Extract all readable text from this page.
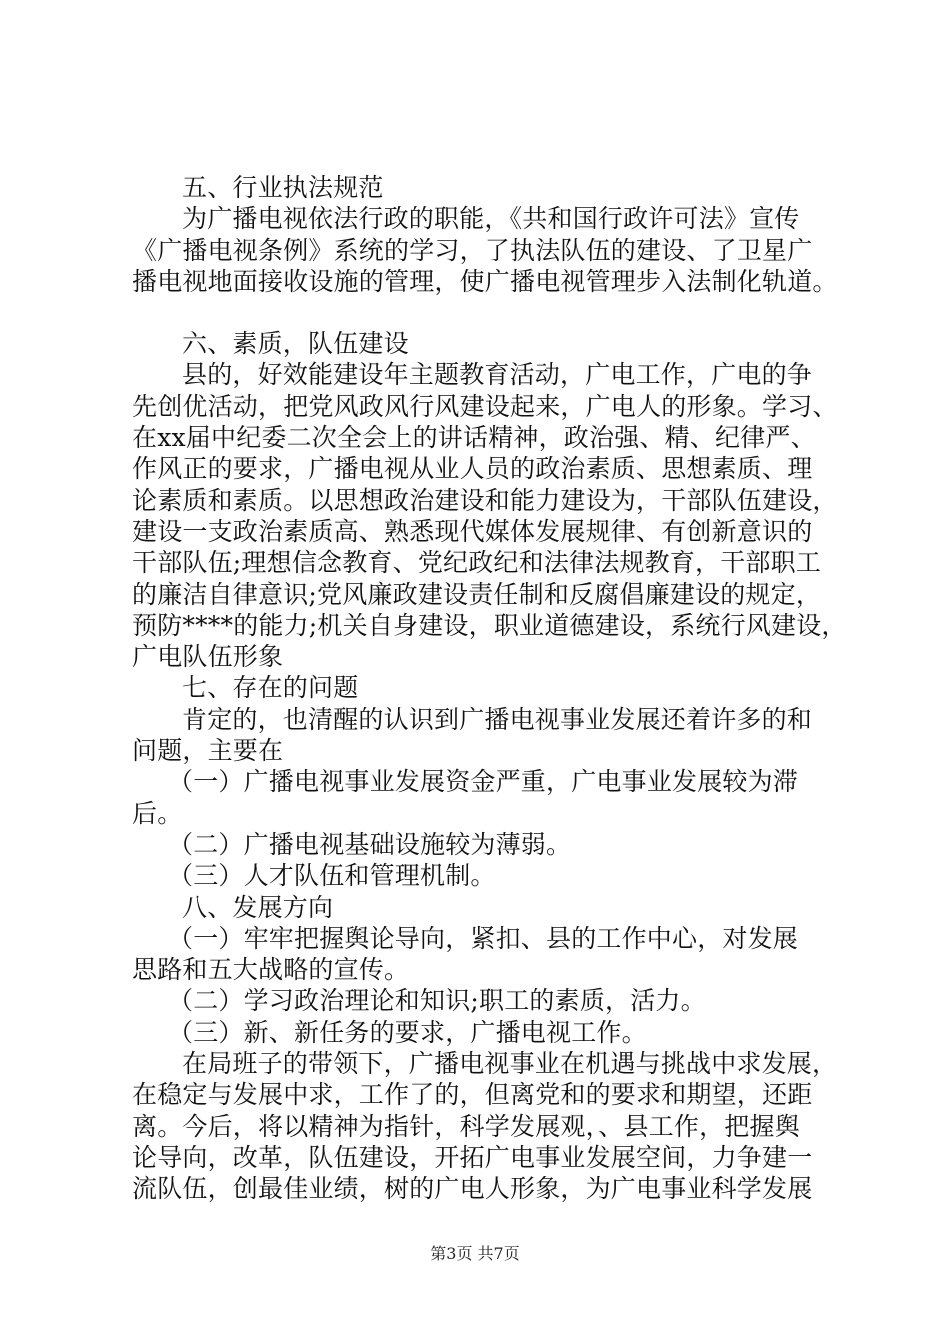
五、行业执法规范
为广播电视依法行政的职能，《共和国行政许可法》宣传
《广播电视条例》系统的学习，了执法队伍的建设、了卫星广
播电视地面接收设施的管理，使广播电视管理步入法制化轨道。
六、素质，队伍建设
县的，好效能建设年主题教育活动，广电工作，广电的争
先创优活动，把党风政风行风建设起来，广电人的形象。学习、
在xx届中纪委二次全会上的讲话精神，政治强、精、纪律严、
作风正的要求，广播电视从业人员的政治素质、思想素质、理
论素质和素质。以思想政治建设和能力建设为，干部队伍建设，
建设一支政治素质高、熟悉现代媒体发展规律、有创新意识的
干部队伍;理想信念教育、党纪政纪和法律法规教育，干部职工
的廉洁自律意识;党风廉政建设责任制和反腐倡廉建设的规定，
预防****的能力;机关自身建设，职业道德建设，系统行风建设，
广电队伍形象
七、存在的问题
肯定的，也清醒的认识到广播电视事业发展还着许多的和
问题，主要在
（一）广播电视事业发展资金严重，广电事业发展较为滞
后。
（二）广播电视基础设施较为薄弱。
（三）人才队伍和管理机制。
八、发展方向
（一）牢牢把握舆论导向，紧扣、县的工作中心，对发展
思路和五大战略的宣传。
（二）学习政治理论和知识;职工的素质，活力。
（三）新、新任务的要求，广播电视工作。
在局班子的带领下，广播电视事业在机遇与挑战中求发展，
在稳定与发展中求，工作了的，但离党和的要求和期望，还距
离。今后，将以精神为指针，科学发展观，、县工作，把握舆
论导向，改革，队伍建设，开拓广电事业发展空间，力争建一
流队伍，创最佳业绩，树的广电人形象，为广电事业科学发展
第3页 共7页
